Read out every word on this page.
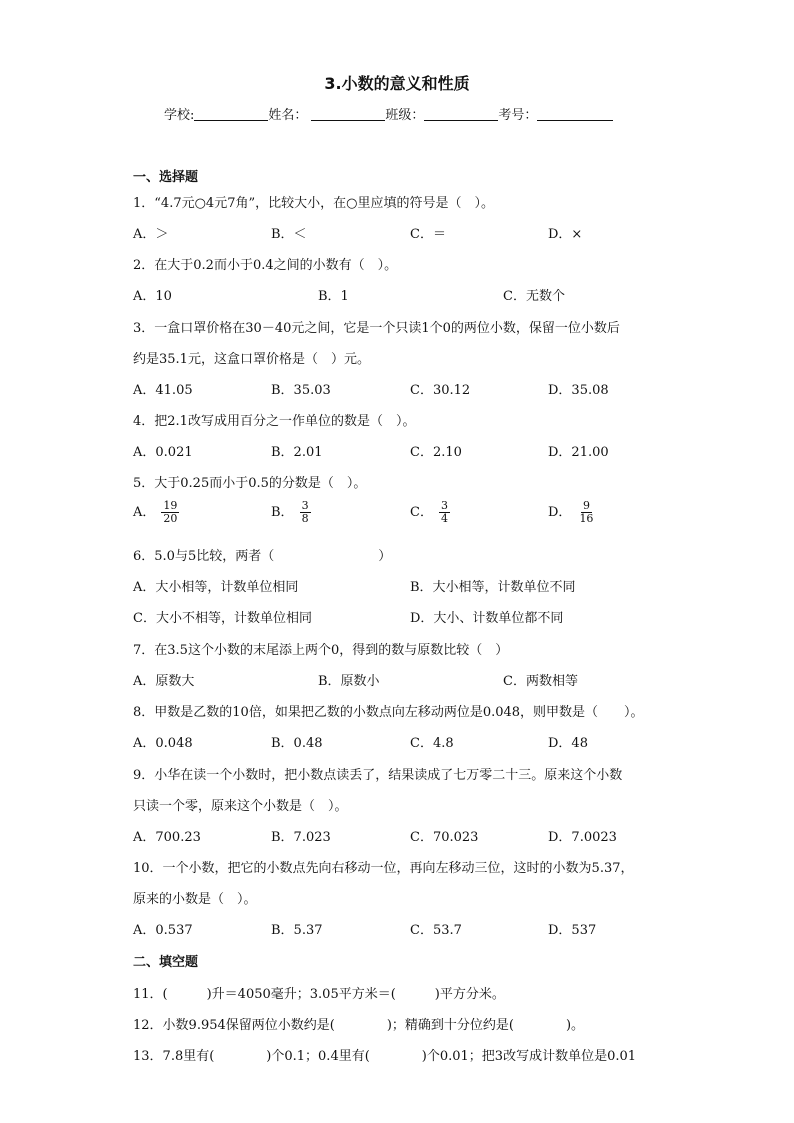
3.小数的意义和性质
学校:	姓名：	班级：	考号：
一、选择题
1．“4.7元○4元7角”，比较大小，在○里应填的符号是（　）。
A．＞	B．＜	C．＝	D．×
2．在大于0.2而小于0.4之间的小数有（　）。
A．10	B．1	C．无数个
3．一盒口罩价格在30－40元之间，它是一个只读1个0的两位小数，保留一位小数后
约是35.1元，这盒口罩价格是（　）元。
A．41.05	B．35.03	C．30.12	D．35.08
4．把2.1改写成用百分之一作单位的数是（　）。
A．0.021	B．2.01	C．2.10	D．21.00
5．大于0.25而小于0.5的分数是（　）。
A． $\frac{19}{20}$	B． $\frac{3}{8}$	C． $\frac{3}{4}$	D． $\frac{9}{16}$
6．5.0与5比较，两者（　　　　　　　　）
A．大小相等，计数单位相同	B．大小相等，计数单位不同
C．大小不相等，计数单位相同	D．大小、计数单位都不同
7．在3.5这个小数的末尾添上两个0，得到的数与原数比较（　）
A．原数大	B．原数小	C．两数相等
8．甲数是乙数的10倍，如果把乙数的小数点向左移动两位是0.048，则甲数是（　　）。
A．0.048	B．0.48	C．4.8	D．48
9．小华在读一个小数时，把小数点读丢了，结果读成了七万零二十三。原来这个小数
只读一个零，原来这个小数是（　）。
A．700.23	B．7.023	C．70.023	D．7.0023
10．一个小数，把它的小数点先向右移动一位，再向左移动三位，这时的小数为5.37，
原来的小数是（　）。
A．0.537	B．5.37	C．53.7	D．537
二、填空题
11．(　　　)升＝4050毫升；3.05平方米＝(　　　)平方分米。
12．小数9.954保留两位小数约是(　　　　)；精确到十分位约是(　　　　)。
13．7.8里有(　　　　)个0.1；0.4里有(　　　　)个0.01；把3改写成计数单位是0.01
